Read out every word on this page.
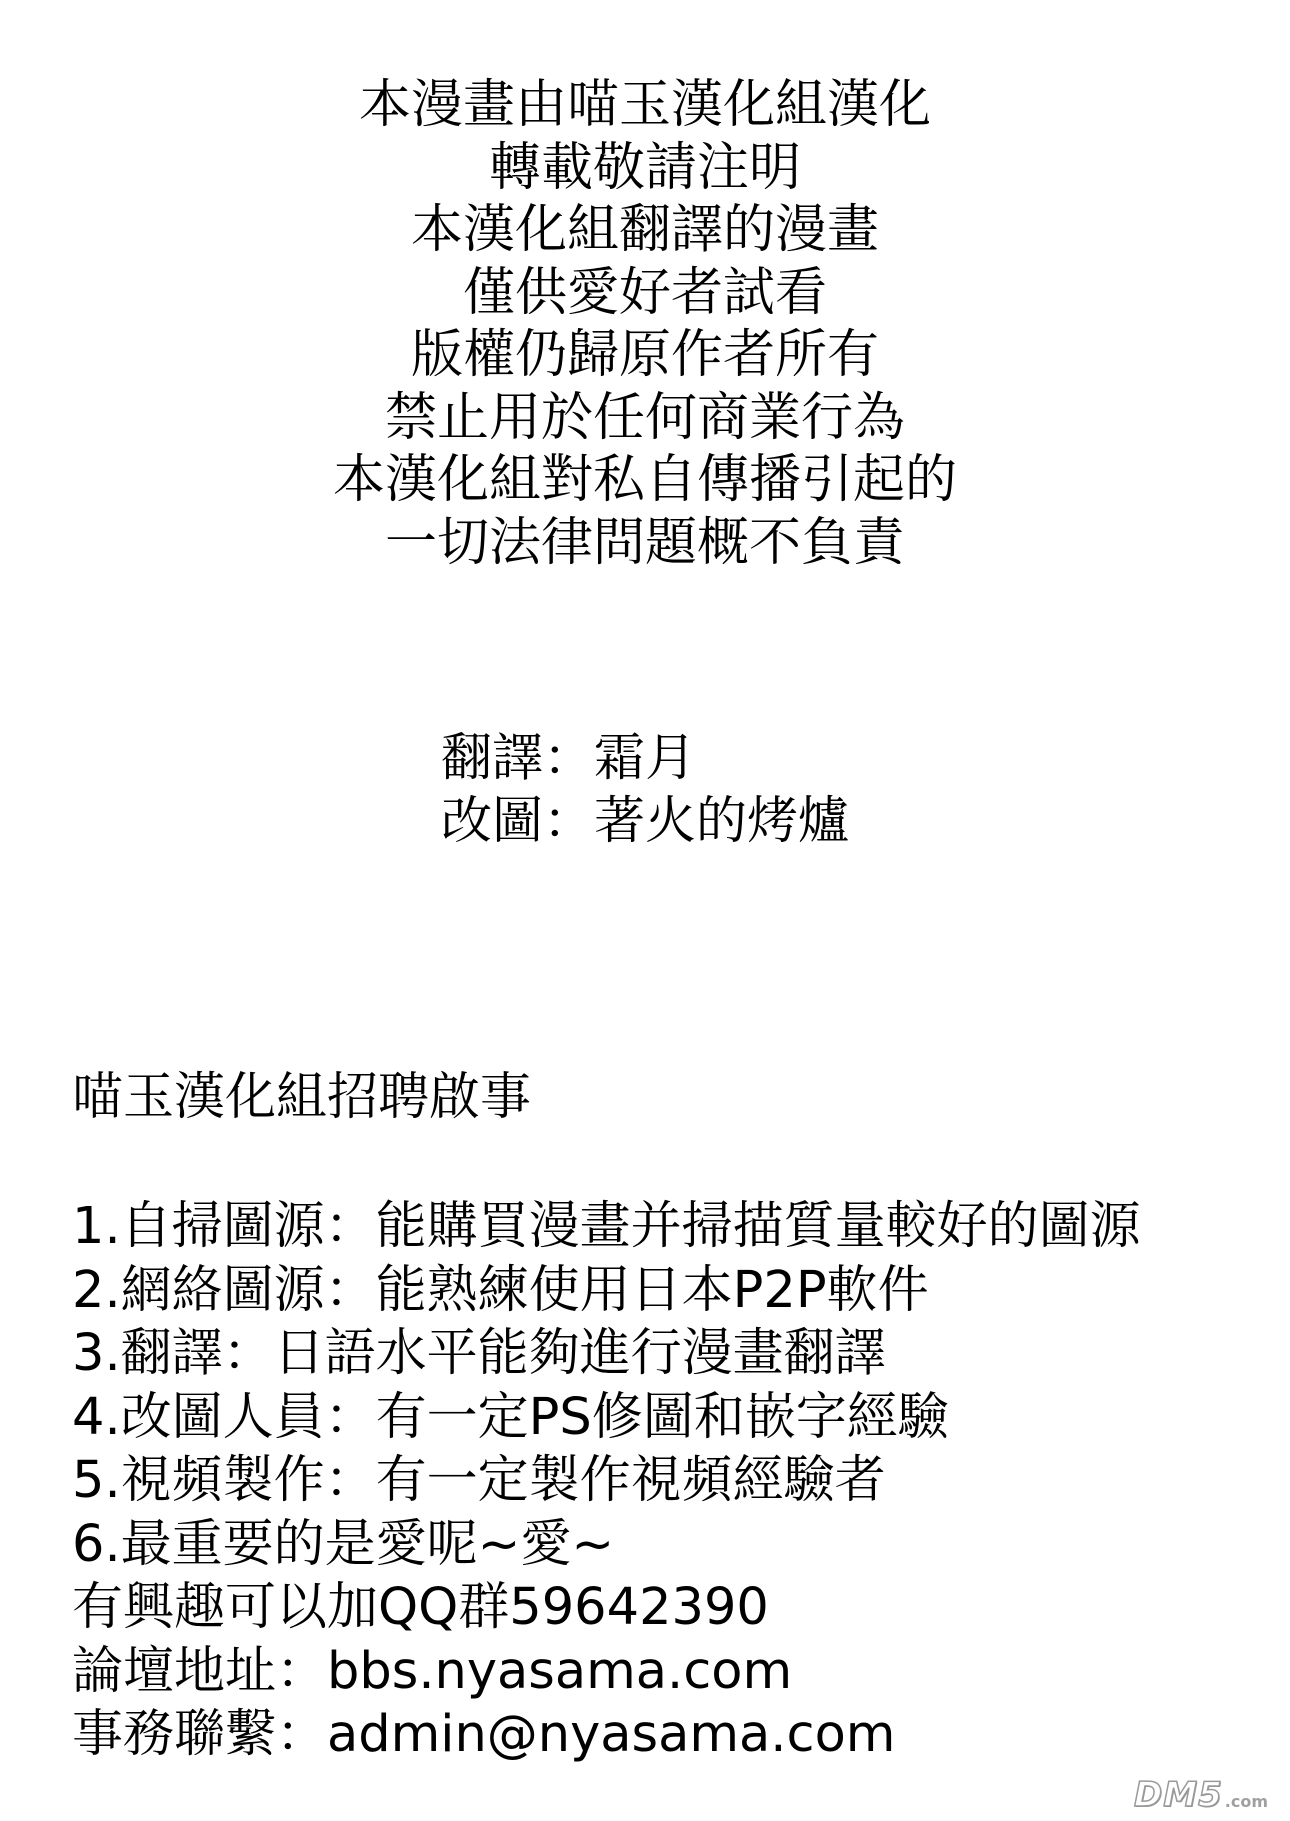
本漫畫由喵玉漢化組漢化
轉載敬請注明
本漢化組翻譯的漫畫
僅供愛好者試看
版權仍歸原作者所有
禁止用於任何商業行為
本漢化組對私自傳播引起的
一切法律問題概不負責
翻譯：霜月
改圖：著火的烤爐
喵玉漢化組招聘啟事
1.自掃圖源：能購買漫畫并掃描質量較好的圖源
2.網絡圖源：能熟練使用日本P2P軟件
3.翻譯：日語水平能夠進行漫畫翻譯
4.改圖人員：有一定PS修圖和嵌字經驗
5.視頻製作：有一定製作視頻經驗者
6.最重要的是愛呢~愛~
有興趣可以加QQ群59642390
論壇地址：bbs.nyasama.com
事務聯繫：admin@nyasama.com
DM5 .com
